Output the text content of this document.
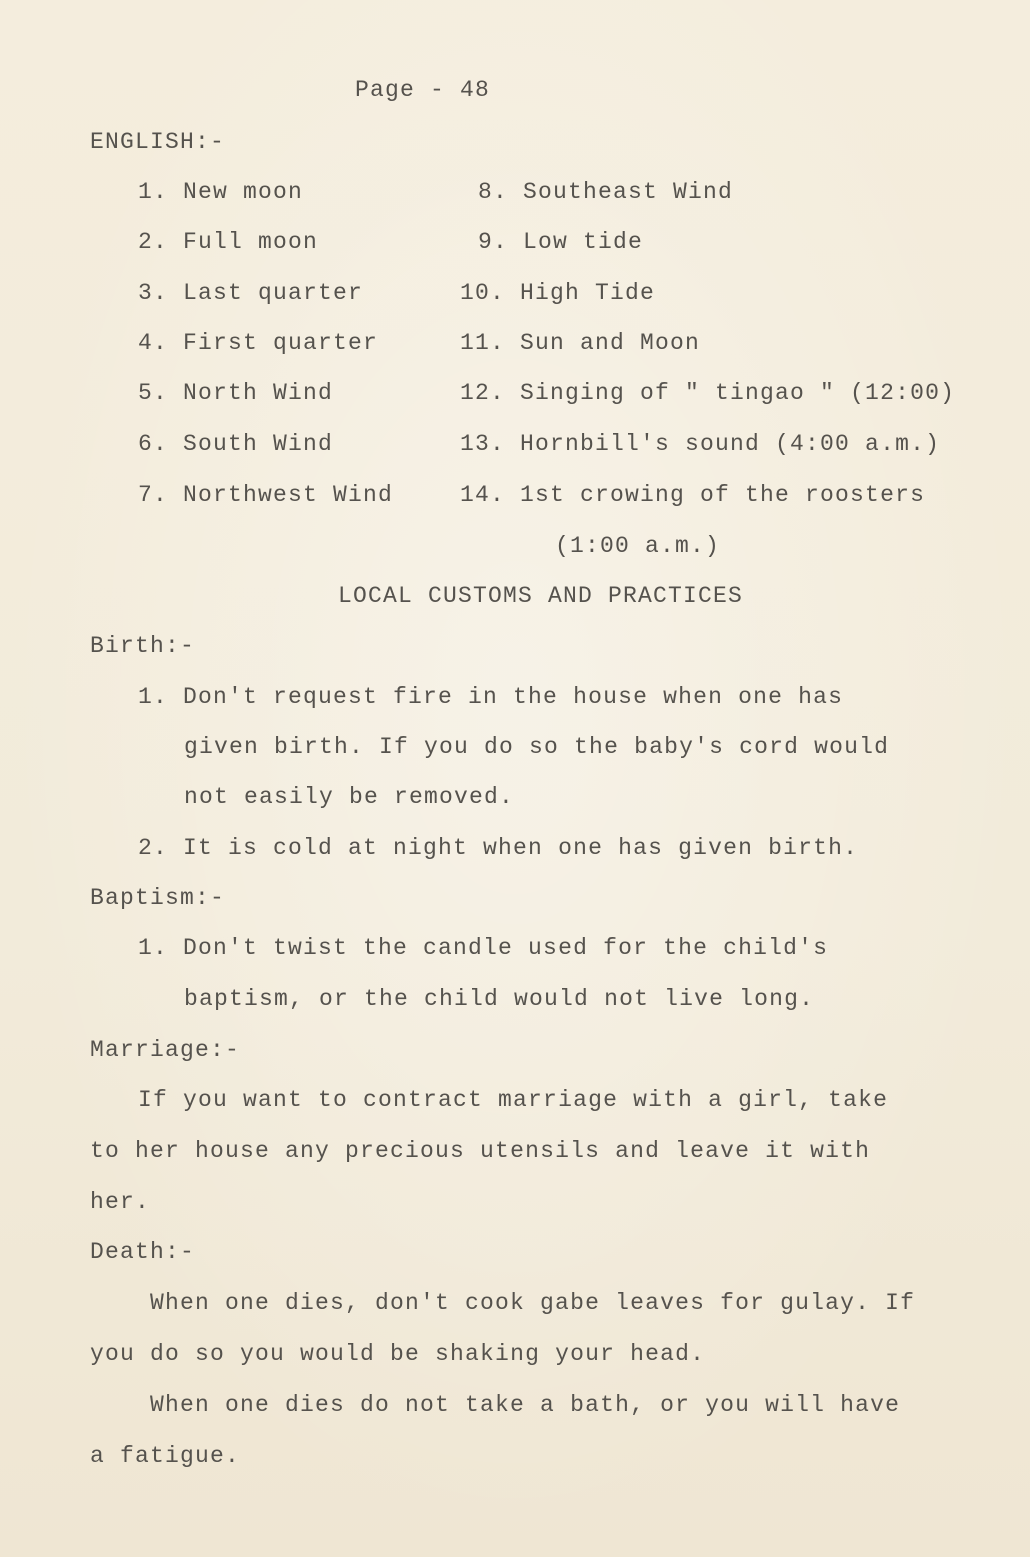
Page - 48
ENGLISH:-
1. New moon
2. Full moon
3. Last quarter
4. First quarter
5. North Wind
6. South Wind
7. Northwest Wind
8. Southeast Wind
9. Low tide
10. High Tide
11. Sun and Moon
12. Singing of " tingao " (12:00)
13. Hornbill's sound (4:00 a.m.)
14. 1st crowing of the roosters
(1:00 a.m.)
LOCAL CUSTOMS AND PRACTICES
Birth:-
1. Don't request fire in the house when one has
given birth. If you do so the baby's cord would
not easily be removed.
2. It is cold at night when one has given birth.
Baptism:-
1. Don't twist the candle used for the child's
baptism, or the child would not live long.
Marriage:-
If you want to contract marriage with a girl, take
to her house any precious utensils and leave it with
her.
Death:-
When one dies, don't cook gabe leaves for gulay. If
you do so you would be shaking your head.
When one dies do not take a bath, or you will have
a fatigue.
